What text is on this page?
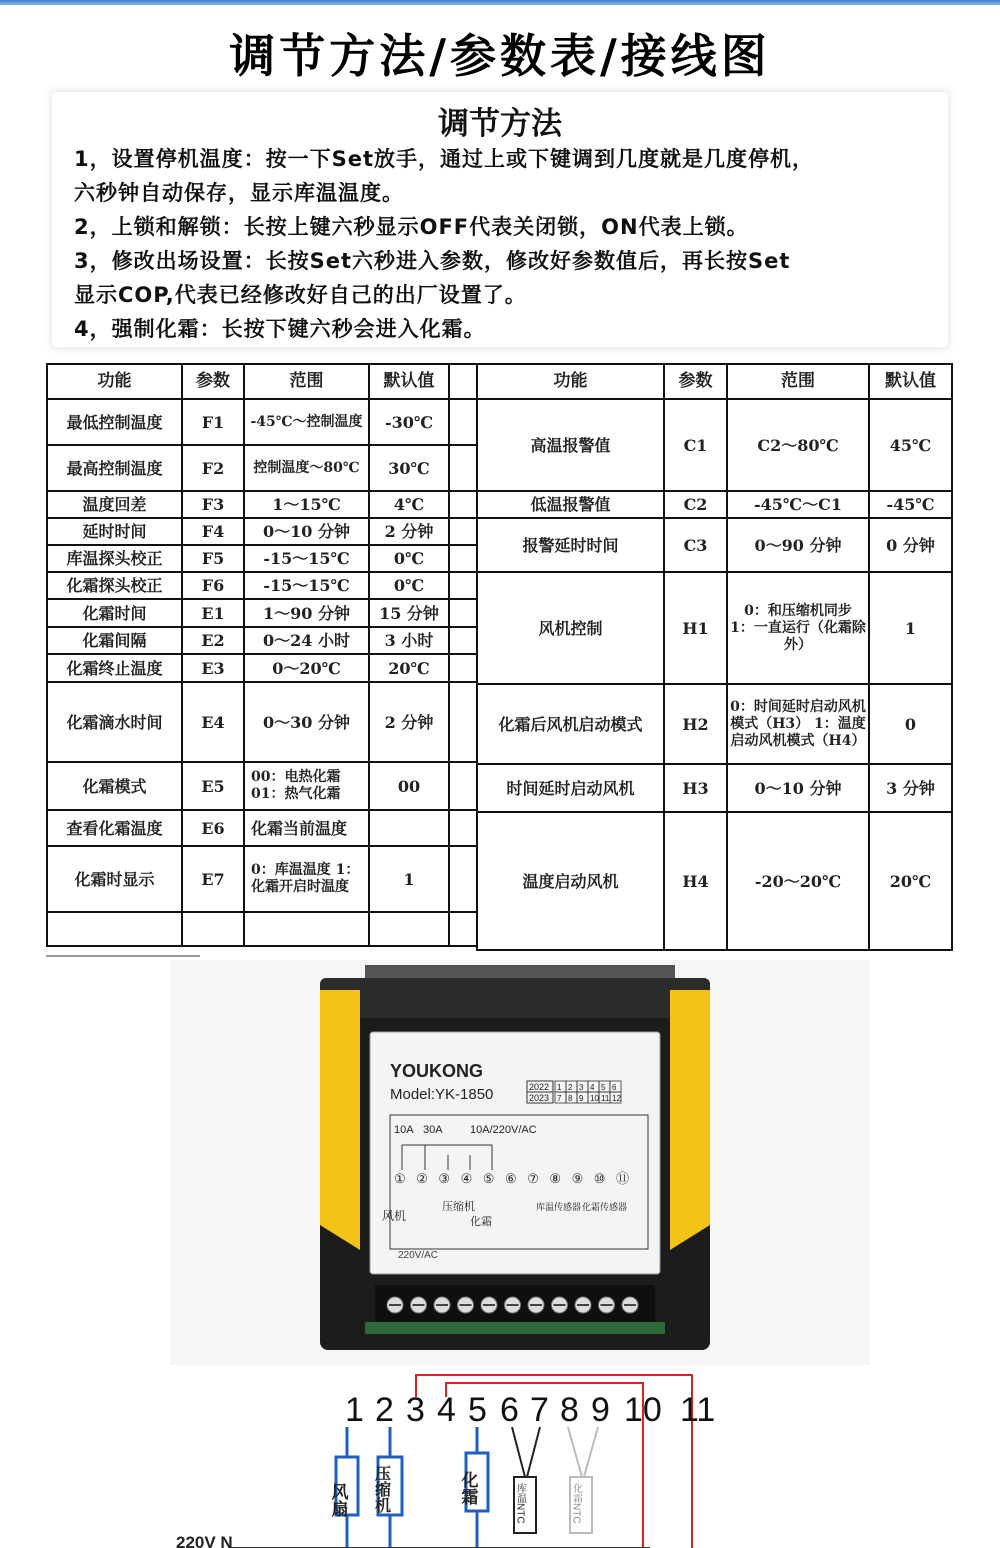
调节方法/参数表/接线图
调节方法

1，设置停机温度：按一下Set放手，通过上或下键调到几度就是几度停机，

六秒钟自动保存，显示库温温度。

2，上锁和解锁：长按上键六秒显示OFF代表关闭锁，ON代表上锁。

3，修改出场设置：长按Set六秒进入参数，修改好参数值后，再长按Set

显示COP,代表已经修改好自己的出厂设置了。

4，强制化霜：长按下键六秒会进入化霜。

功能	参数	范围	默认值	
最低控制温度	F1	-45℃～控制温度	-30℃	
最高控制温度	F2	控制温度～80℃	30℃	
温度回差	F3	1～15℃	4℃	
延时时间	F4	0～10 分钟	2 分钟	
库温探头校正	F5	-15～15℃	0℃	
化霜探头校正	F6	-15～15℃	0℃	
化霜时间	E1	1～90 分钟	15 分钟	
化霜间隔	E2	0～24 小时	3 小时	
化霜终止温度	E3	0～20℃	20℃	
化霜滴水时间	E4	0～30 分钟	2 分钟	
化霜模式	E5	00：电热化霜 01：热气化霜	00	
查看化霜温度	E6	化霜当前温度		
化霜时显示	E7	0：库温温度 1：化霜开启时温度	1	

功能	参数	范围	默认值
高温报警值	C1	C2～80℃	45℃
低温报警值	C2	-45℃～C1	-45℃
报警延时时间	C3	0～90 分钟	0 分钟
风机控制	H1	0：和压缩机同步 1：一直运行（化霜除外）	1
化霜后风机启动模式	H2	0：时间延时启动风机模式（H3） 1：温度启动风机模式（H4）	0
时间延时启动风机	H3	0～10 分钟	3 分钟
温度启动风机	H4	-20～20℃	20℃
YOUKONG
Model:YK-1850	2022
2023
1 2 3 4 5 6
7 8 9 10 11 12
10A 30A 10A/220V/AC
① ② ③ ④ ⑤ ⑥ ⑦ ⑧ ⑨ ⑩ ⑪
风机
压缩机
化霜
库温传感器 化霜传感器
220V/AC
1 2 3 4 5 6 7 8 9 10 11
风扇 压缩机	化霜	库温NTC	化霜NTC
220V N
